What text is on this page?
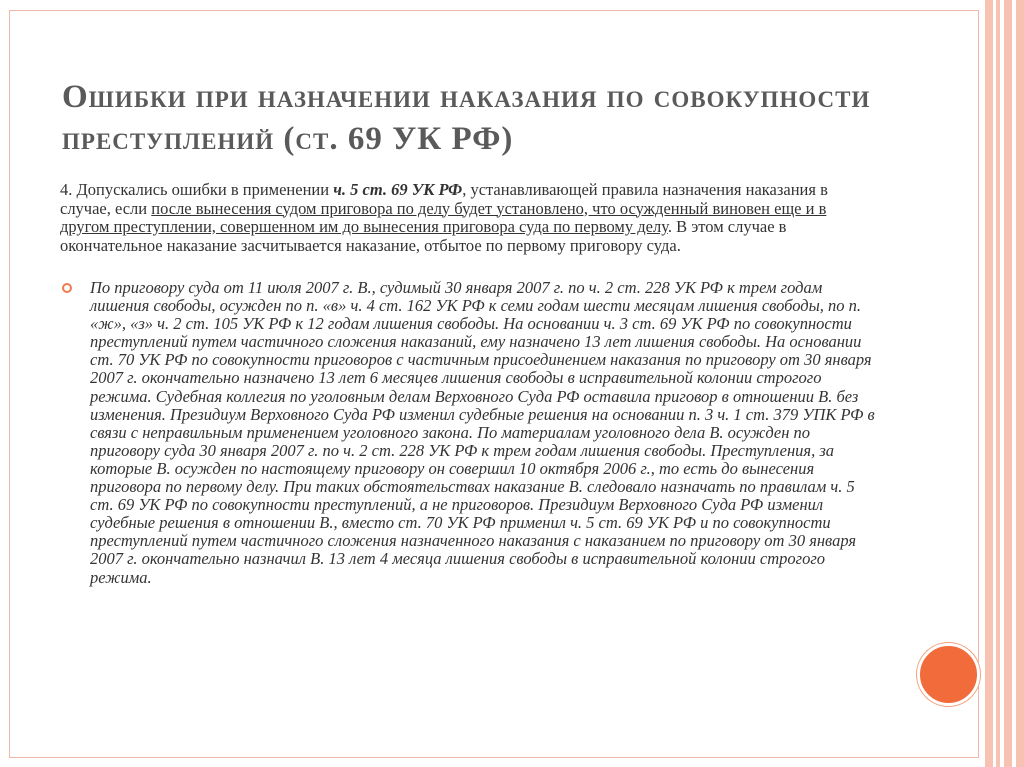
Ошибки при назначении наказания по совокупности преступлений (ст. 69 УК РФ)

4. Допускались ошибки в применении ч. 5 ст. 69 УК РФ, устанавливающей правила назначения наказания в случае, если после вынесения судом приговора по делу будет установлено, что осужденный виновен еще и в другом преступлении, совершенном им до вынесения приговора суда по первому делу. В этом случае в окончательное наказание засчитывается наказание, отбытое по первому приговору суда.

По приговору суда от 11 июля 2007 г. В., судимый 30 января 2007 г. по ч. 2 ст. 228 УК РФ к трем годам лишения свободы, осужден по п. «в» ч. 4 ст. 162 УК РФ к семи годам шести месяцам лишения свободы, по п. «ж», «з» ч. 2 ст. 105 УК РФ к 12 годам лишения свободы. На основании ч. 3 ст. 69 УК РФ по совокупности преступлений путем частичного сложения наказаний, ему назначено 13 лет лишения свободы. На основании ст. 70 УК РФ по совокупности приговоров с частичным присоединением наказания по приговору от 30 января 2007 г. окончательно назначено 13 лет 6 месяцев лишения свободы в исправительной колонии строгого режима. Судебная коллегия по уголовным делам Верховного Суда РФ оставила приговор в отношении В. без изменения. Президиум Верховного Суда РФ изменил судебные решения на основании п. 3 ч. 1 ст. 379 УПК РФ в связи с неправильным применением уголовного закона. По материалам уголовного дела В. осужден по приговору суда 30 января 2007 г. по ч. 2 ст. 228 УК РФ к трем годам лишения свободы. Преступления, за которые В. осужден по настоящему приговору он совершил 10 октября 2006 г., то есть до вынесения приговора по первому делу. При таких обстоятельствах наказание В. следовало назначать по правилам ч. 5 ст. 69 УК РФ по совокупности преступлений, а не приговоров. Президиум Верховного Суда РФ изменил судебные решения в отношении В., вместо ст. 70 УК РФ применил ч. 5 ст. 69 УК РФ и по совокупности преступлений путем частичного сложения назначенного наказания с наказанием по приговору от 30 января 2007 г. окончательно назначил В. 13 лет 4 месяца лишения свободы в исправительной колонии строгого режима.
